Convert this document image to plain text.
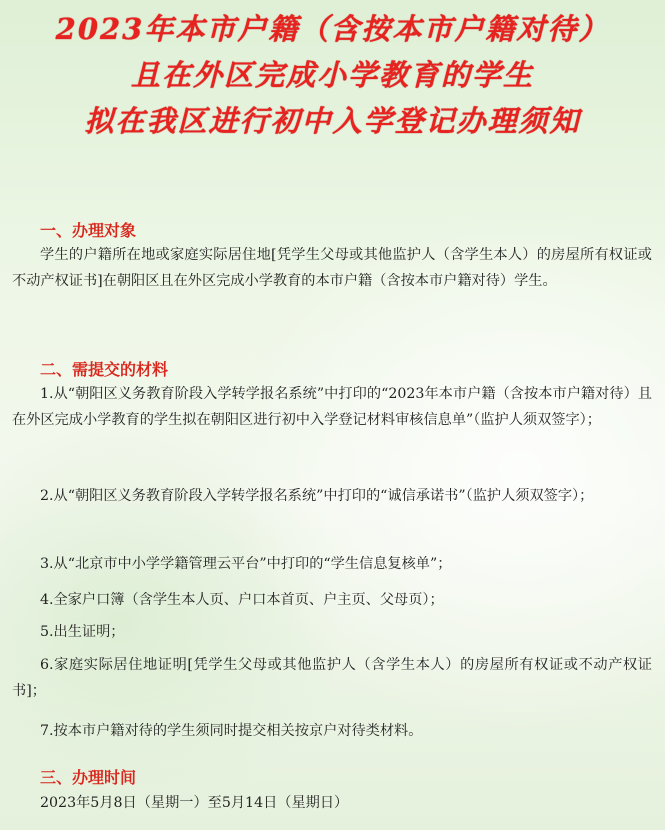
2023年本市户籍（含按本市户籍对待）
且在外区完成小学教育的学生
拟在我区进行初中入学登记办理须知
一、办理对象
学生的户籍所在地或家庭实际居住地[凭学生父母或其他监护人（含学生本人）的房屋所有权证或不动产权证书]在朝阳区且在外区完成小学教育的本市户籍（含按本市户籍对待）学生。
二、需提交的材料
1.从“朝阳区义务教育阶段入学转学报名系统”中打印的“2023年本市户籍（含按本市户籍对待）且在外区完成小学教育的学生拟在朝阳区进行初中入学登记材料审核信息单”（监护人须双签字）；
2.从“朝阳区义务教育阶段入学转学报名系统”中打印的“诚信承诺书”（监护人须双签字）；
3.从“北京市中小学学籍管理云平台”中打印的“学生信息复核单”；
4.全家户口簿（含学生本人页、户口本首页、户主页、父母页）；
5.出生证明；
6.家庭实际居住地证明[凭学生父母或其他监护人（含学生本人）的房屋所有权证或不动产权证书]；
7.按本市户籍对待的学生须同时提交相关按京户对待类材料。
三、办理时间
2023年5月8日（星期一）至5月14日（星期日）
